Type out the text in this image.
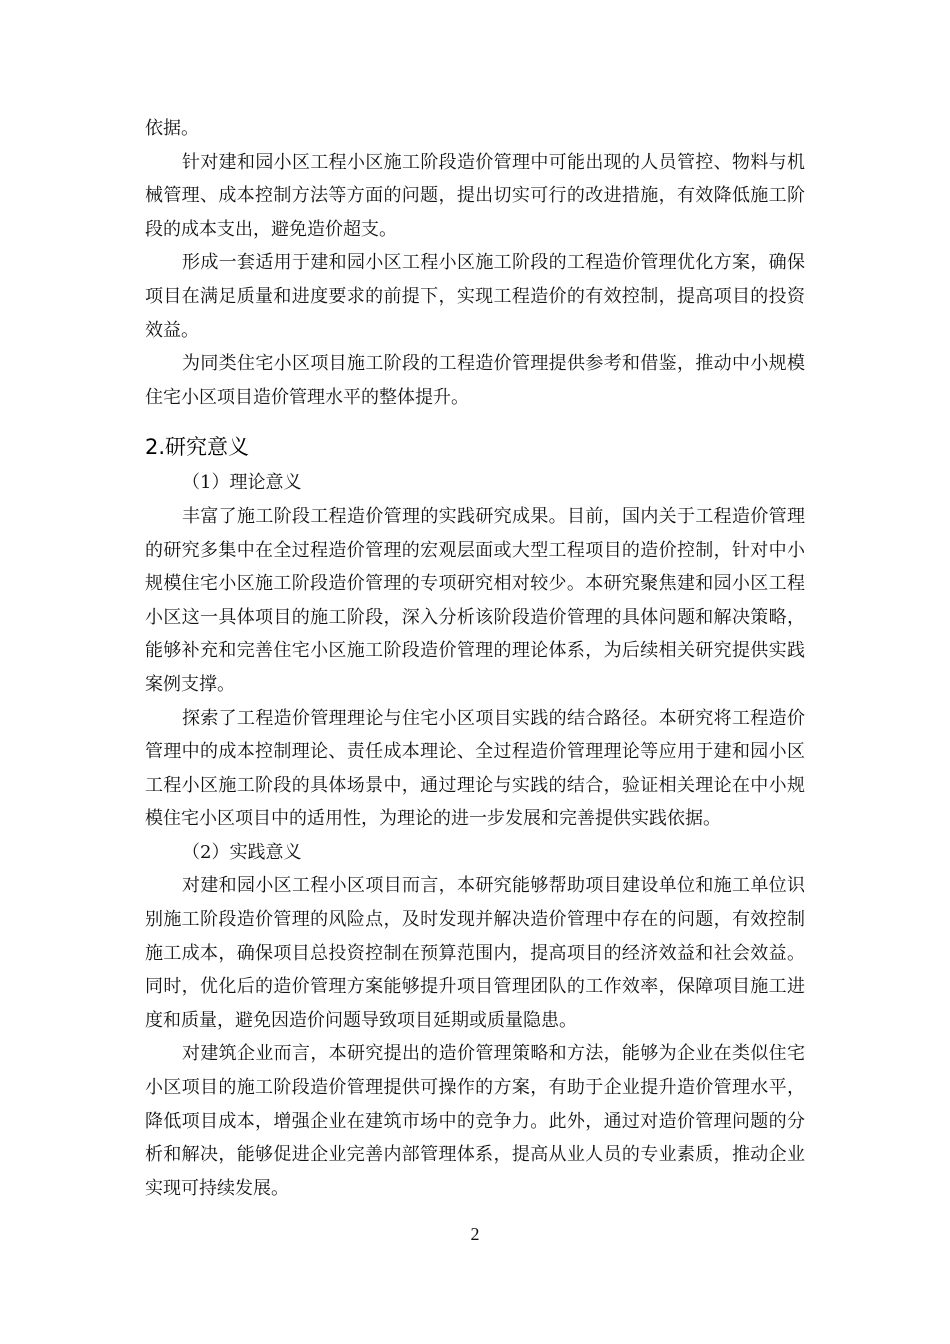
依据。

针对建和园小区工程小区施工阶段造价管理中可能出现的人员管控、物料与机械管理、成本控制方法等方面的问题，提出切实可行的改进措施，有效降低施工阶段的成本支出，避免造价超支。

形成一套适用于建和园小区工程小区施工阶段的工程造价管理优化方案，确保项目在满足质量和进度要求的前提下，实现工程造价的有效控制，提高项目的投资效益。

为同类住宅小区项目施工阶段的工程造价管理提供参考和借鉴，推动中小规模住宅小区项目造价管理水平的整体提升。

2.研究意义

（1）理论意义

丰富了施工阶段工程造价管理的实践研究成果。目前，国内关于工程造价管理的研究多集中在全过程造价管理的宏观层面或大型工程项目的造价控制，针对中小规模住宅小区施工阶段造价管理的专项研究相对较少。本研究聚焦建和园小区工程小区这一具体项目的施工阶段，深入分析该阶段造价管理的具体问题和解决策略，能够补充和完善住宅小区施工阶段造价管理的理论体系，为后续相关研究提供实践案例支撑。

探索了工程造价管理理论与住宅小区项目实践的结合路径。本研究将工程造价管理中的成本控制理论、责任成本理论、全过程造价管理理论等应用于建和园小区工程小区施工阶段的具体场景中，通过理论与实践的结合，验证相关理论在中小规模住宅小区项目中的适用性，为理论的进一步发展和完善提供实践依据。

（2）实践意义

对建和园小区工程小区项目而言，本研究能够帮助项目建设单位和施工单位识别施工阶段造价管理的风险点，及时发现并解决造价管理中存在的问题，有效控制施工成本，确保项目总投资控制在预算范围内，提高项目的经济效益和社会效益。同时，优化后的造价管理方案能够提升项目管理团队的工作效率，保障项目施工进度和质量，避免因造价问题导致项目延期或质量隐患。

对建筑企业而言，本研究提出的造价管理策略和方法，能够为企业在类似住宅小区项目的施工阶段造价管理提供可操作的方案，有助于企业提升造价管理水平，降低项目成本，增强企业在建筑市场中的竞争力。此外，通过对造价管理问题的分析和解决，能够促进企业完善内部管理体系，提高从业人员的专业素质，推动企业实现可持续发展。

2
